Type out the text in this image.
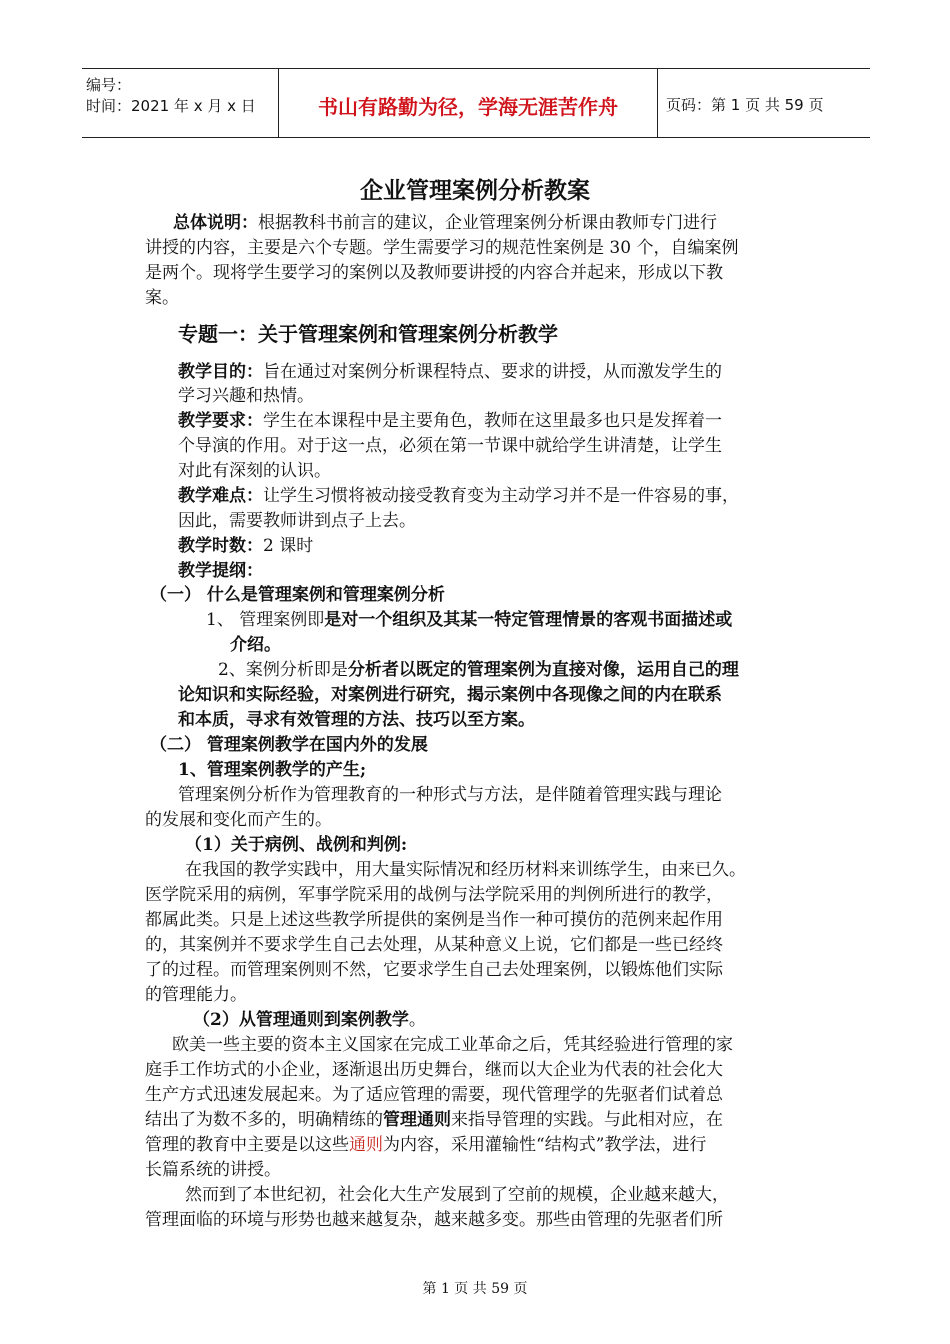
编号：
时间：2021 年 x 月 x 日	书山有路勤为径，学海无涯苦作舟	页码：第 1 页 共 59 页
企业管理案例分析教案
总体说明：根据教科书前言的建议，企业管理案例分析课由教师专门进行
讲授的内容，主要是六个专题。学生需要学习的规范性案例是 30 个，自编案例
是两个。现将学生要学习的案例以及教师要讲授的内容合并起来，形成以下教
案。
专题一：关于管理案例和管理案例分析教学
教学目的：旨在通过对案例分析课程特点、要求的讲授，从而激发学生的
学习兴趣和热情。
教学要求：学生在本课程中是主要角色，教师在这里最多也只是发挥着一
个导演的作用。对于这一点，必须在第一节课中就给学生讲清楚，让学生
对此有深刻的认识。
教学难点：让学生习惯将被动接受教育变为主动学习并不是一件容易的事，
因此，需要教师讲到点子上去。
教学时数：2 课时
教学提纲：
（一） 什么是管理案例和管理案例分析
1、 管理案例即是对一个组织及其某一特定管理情景的客观书面描述或
介绍。
2、案例分析即是分析者以既定的管理案例为直接对像，运用自己的理
论知识和实际经验，对案例进行研究，揭示案例中各现像之间的内在联系
和本质，寻求有效管理的方法、技巧以至方案。
（二） 管理案例教学在国内外的发展
1、管理案例教学的产生;
管理案例分析作为管理教育的一种形式与方法，是伴随着管理实践与理论
的发展和变化而产生的。
（1）关于病例、战例和判例:
在我国的教学实践中，用大量实际情况和经历材料来训练学生，由来已久。
医学院采用的病例，军事学院采用的战例与法学院采用的判例所进行的教学，
都属此类。只是上述这些教学所提供的案例是当作一种可摸仿的范例来起作用
的，其案例并不要求学生自己去处理，从某种意义上说，它们都是一些已经终
了的过程。而管理案例则不然，它要求学生自己去处理案例，以锻炼他们实际
的管理能力。
（2）从管理通则到案例教学。
欧美一些主要的资本主义国家在完成工业革命之后，凭其经验进行管理的家
庭手工作坊式的小企业，逐渐退出历史舞台，继而以大企业为代表的社会化大
生产方式迅速发展起来。为了适应管理的需要，现代管理学的先驱者们试着总
结出了为数不多的，明确精练的管理通则来指导管理的实践。与此相对应，在
管理的教育中主要是以这些通则为内容，采用灌输性“结构式”教学法，进行
长篇系统的讲授。
然而到了本世纪初，社会化大生产发展到了空前的规模，企业越来越大，
管理面临的环境与形势也越来越复杂，越来越多变。那些由管理的先驱者们所
第 1 页 共 59 页
